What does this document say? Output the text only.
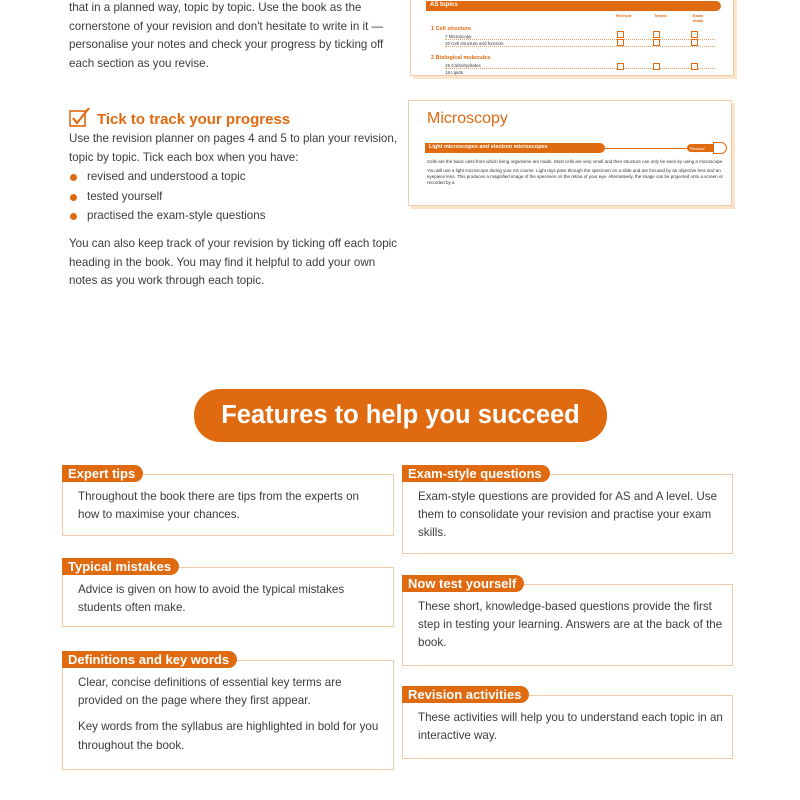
that in a planned way, topic by topic. Use the book as the cornerstone of your revision and don't hesitate to write in it — personalise your notes and check your progress by ticking off each section as you revise.
Tick to track your progress

Use the revision planner on pages 4 and 5 to plan your revision, topic by topic. Tick each box when you have:

revised and understood a topic
tested yourself
practised the exam-style questions

You can also keep track of your revision by ticking off each topic heading in the book. You may find it helpful to add your own notes as you work through each topic.

AS topics
Revised	Tested	Exam ready
1 Cell structure
7 Microscopy
10 Cell structure and function
2 Biological molecules
15 Carbohydrates
18 Lipids
Microscopy
Light microscopes and electron microscopes	Revised

Cells are the basic units from which living organisms are made. Most cells are very small and their structure can only be seen by using a microscope.

You will use a light microscope during your AS course. Light rays pass through the specimen on a slide and are focused by an objective lens and an eyepiece lens. This produces a magnified image of the specimen on the retina of your eye. Alternatively, the image can be projected onto a screen or recorded by a

Features to help you succeed
Expert tips

Throughout the book there are tips from the experts on how to maximise your chances.

Typical mistakes

Advice is given on how to avoid the typical mistakes students often make.

Definitions and key words

Clear, concise definitions of essential key terms are provided on the page where they first appear.

Key words from the syllabus are highlighted in bold for you throughout the book.

Exam-style questions

Exam-style questions are provided for AS and A level. Use them to consolidate your revision and practise your exam skills.

Now test yourself

These short, knowledge-based questions provide the first step in testing your learning. Answers are at the back of the book.

Revision activities

These activities will help you to understand each topic in an interactive way.
